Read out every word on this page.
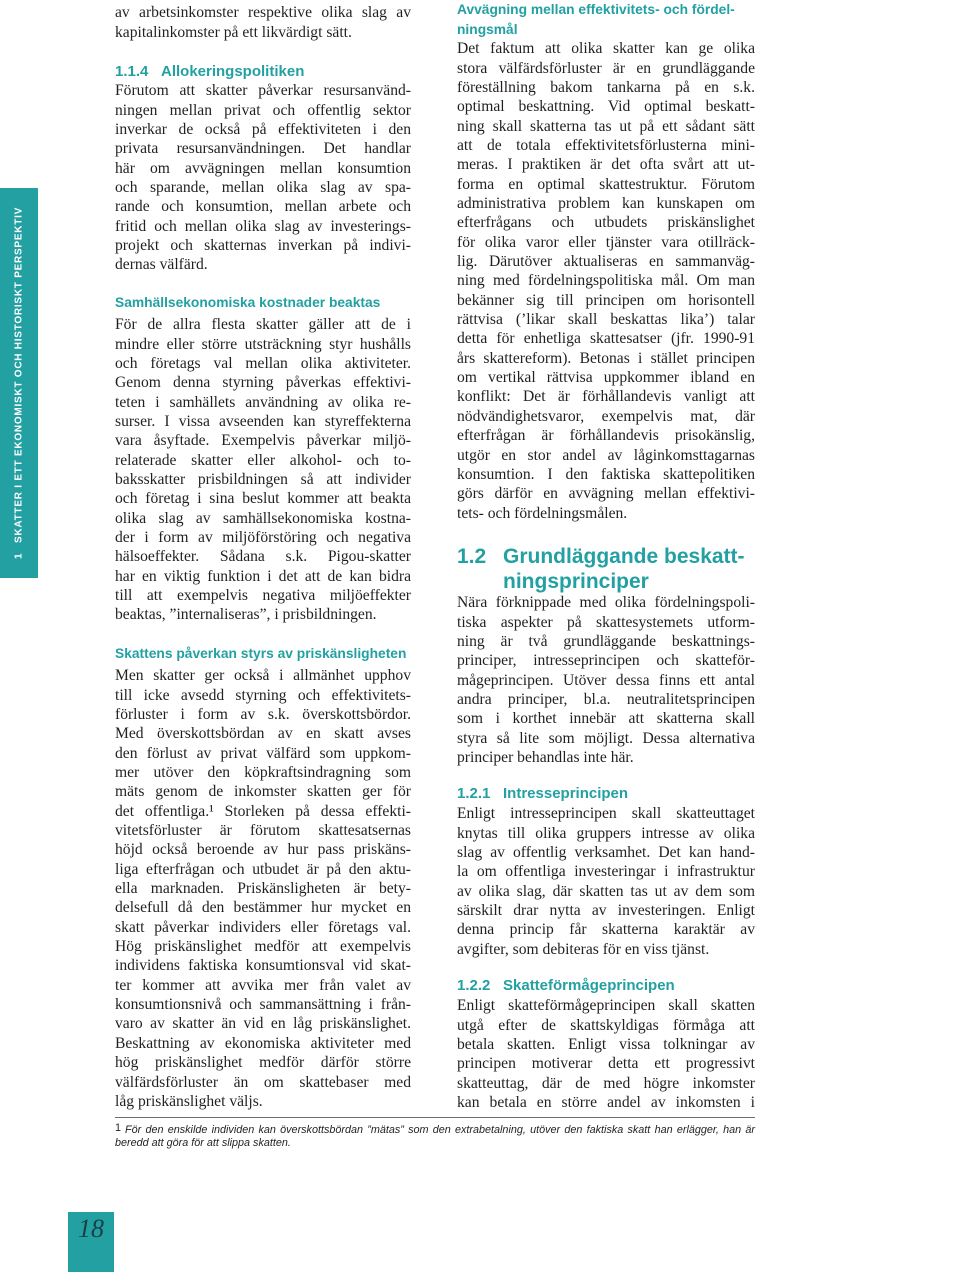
1
SKATTER I ETT EKONOMISKT OCH HISTORISKT PERSPEKTIV
av arbetsinkomster respektive olika slag av
kapitalinkomster på ett likvärdigt sätt.
1.1.4 Allokeringspolitiken
Förutom att skatter påverkar resursanvänd-
ningen mellan privat och offentlig sektor
inverkar de också på effektiviteten i den
privata resursanvändningen. Det handlar
här om avvägningen mellan konsumtion
och sparande, mellan olika slag av spa-
rande och konsumtion, mellan arbete och
fritid och mellan olika slag av investerings-
projekt och skatternas inverkan på indivi-
dernas välfärd.
Samhällsekonomiska kostnader beaktas
För de allra flesta skatter gäller att de i
mindre eller större utsträckning styr hushålls
och företags val mellan olika aktiviteter.
Genom denna styrning påverkas effektivi-
teten i samhällets användning av olika re-
surser. I vissa avseenden kan styreffekterna
vara åsyftade. Exempelvis påverkar miljö-
relaterade skatter eller alkohol- och to-
baksskatter prisbildningen så att individer
och företag i sina beslut kommer att beakta
olika slag av samhällsekonomiska kostna-
der i form av miljöförstöring och negativa
hälsoeffekter. Sådana s.k. Pigou-skatter
har en viktig funktion i det att de kan bidra
till att exempelvis negativa miljöeffekter
beaktas, ”internaliseras”, i prisbildningen.
Skattens påverkan styrs av priskänsligheten
Men skatter ger också i allmänhet upphov
till icke avsedd styrning och effektivitets-
förluster i form av s.k. överskottsbördor.
Med överskottsbördan av en skatt avses
den förlust av privat välfärd som uppkom-
mer utöver den köpkraftsindragning som
mäts genom de inkomster skatten ger för
det offentliga.¹ Storleken på dessa effekti-
vitetsförluster är förutom skattesatsernas
höjd också beroende av hur pass priskäns-
liga efterfrågan och utbudet är på den aktu-
ella marknaden. Priskänsligheten är bety-
delsefull då den bestämmer hur mycket en
skatt påverkar individers eller företags val.
Hög priskänslighet medför att exempelvis
individens faktiska konsumtionsval vid skat-
ter kommer att avvika mer från valet av
konsumtionsnivå och sammansättning i från-
varo av skatter än vid en låg priskänslighet.
Beskattning av ekonomiska aktiviteter med
hög priskänslighet medför därför större
välfärdsförluster än om skattebaser med
låg priskänslighet väljs.
Avvägning mellan effektivitets- och fördel-
ningsmål
Det faktum att olika skatter kan ge olika
stora välfärdsförluster är en grundläggande
föreställning bakom tankarna på en s.k.
optimal beskattning. Vid optimal beskatt-
ning skall skatterna tas ut på ett sådant sätt
att de totala effektivitetsförlusterna mini-
meras. I praktiken är det ofta svårt att ut-
forma en optimal skattestruktur. Förutom
administrativa problem kan kunskapen om
efterfrågans och utbudets priskänslighet
för olika varor eller tjänster vara otillräck-
lig. Därutöver aktualiseras en sammanväg-
ning med fördelningspolitiska mål. Om man
bekänner sig till principen om horisontell
rättvisa (’likar skall beskattas lika’) talar
detta för enhetliga skattesatser (jfr. 1990-91
års skattereform). Betonas i stället principen
om vertikal rättvisa uppkommer ibland en
konflikt: Det är förhållandevis vanligt att
nödvändighetsvaror, exempelvis mat, där
efterfrågan är förhållandevis prisokänslig,
utgör en stor andel av låginkomsttagarnas
konsumtion. I den faktiska skattepolitiken
görs därför en avvägning mellan effektivi-
tets- och fördelningsmålen.
1.2 Grundläggande beskatt-
ningsprinciper
Nära förknippade med olika fördelningspoli-
tiska aspekter på skattesystemets utform-
ning är två grundläggande beskattnings-
principer, intresseprincipen och skatteför-
mågeprincipen. Utöver dessa finns ett antal
andra principer, bl.a. neutralitetsprincipen
som i korthet innebär att skatterna skall
styra så lite som möjligt. Dessa alternativa
principer behandlas inte här.
1.2.1 Intresseprincipen
Enligt intresseprincipen skall skatteuttaget
knytas till olika gruppers intresse av olika
slag av offentlig verksamhet. Det kan hand-
la om offentliga investeringar i infrastruktur
av olika slag, där skatten tas ut av dem som
särskilt drar nytta av investeringen. Enligt
denna princip får skatterna karaktär av
avgifter, som debiteras för en viss tjänst.
1.2.2 Skatteförmågeprincipen
Enligt skatteförmågeprincipen skall skatten
utgå efter de skattskyldigas förmåga att
betala skatten. Enligt vissa tolkningar av
principen motiverar detta ett progressivt
skatteuttag, där de med högre inkomster
kan betala en större andel av inkomsten i
1 För den enskilde individen kan överskottsbördan ”mätas” som den extrabetalning, utöver den faktiska skatt han erlägger, han är
beredd att göra för att slippa skatten.
18
